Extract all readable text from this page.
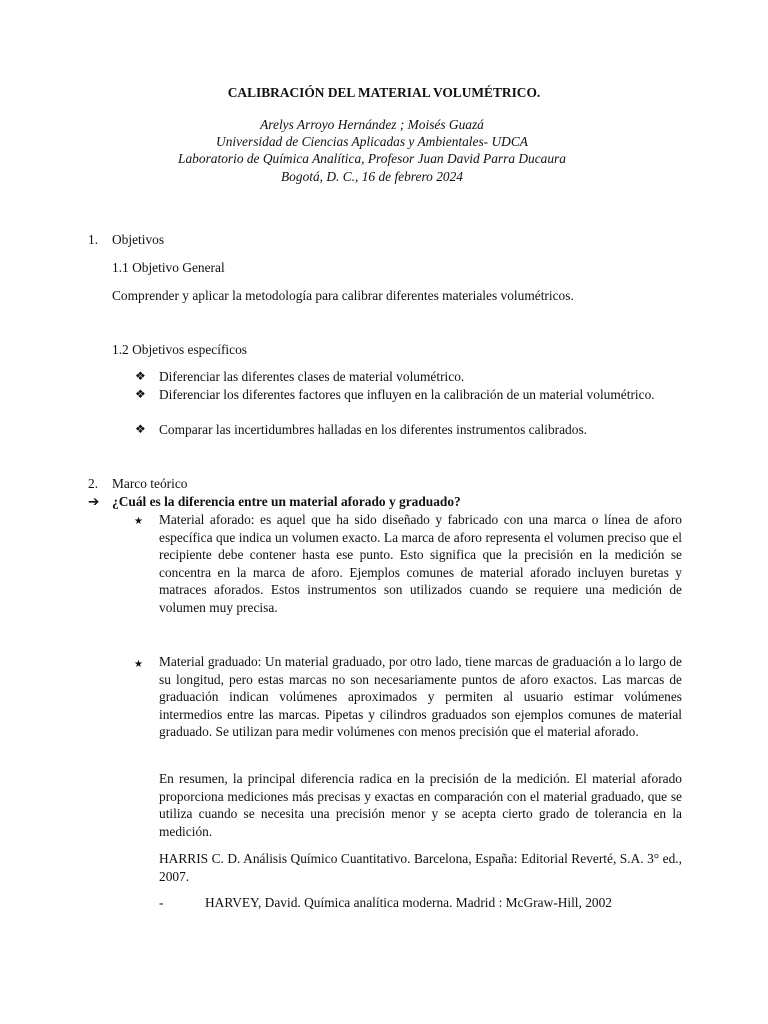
CALIBRACIÓN DEL MATERIAL VOLUMÉTRICO.
Arelys Arroyo Hernández ; Moisés Guazá
Universidad de Ciencias Aplicadas y Ambientales- UDCA
Laboratorio de Química Analítica, Profesor Juan David Parra Ducaura
Bogotá, D. C., 16 de febrero 2024
1. Objetivos
1.1 Objetivo General
Comprender y aplicar la metodología para calibrar diferentes materiales volumétricos.
1.2 Objetivos específicos
❖ Diferenciar las diferentes clases de material volumétrico.
❖ Diferenciar los diferentes factores que influyen en la calibración de un material volumétrico.
❖ Comparar las incertidumbres halladas en los diferentes instrumentos calibrados.
2. Marco teórico
➔ ¿Cuál es la diferencia entre un material aforado y graduado?
★ Material aforado: es aquel que ha sido diseñado y fabricado con una marca o línea de aforo específica que indica un volumen exacto. La marca de aforo representa el volumen preciso que el recipiente debe contener hasta ese punto. Esto significa que la precisión en la medición se concentra en la marca de aforo. Ejemplos comunes de material aforado incluyen buretas y matraces aforados. Estos instrumentos son utilizados cuando se requiere una medición de volumen muy precisa.
★ Material graduado: Un material graduado, por otro lado, tiene marcas de graduación a lo largo de su longitud, pero estas marcas no son necesariamente puntos de aforo exactos. Las marcas de graduación indican volúmenes aproximados y permiten al usuario estimar volúmenes intermedios entre las marcas. Pipetas y cilindros graduados son ejemplos comunes de material graduado. Se utilizan para medir volúmenes con menos precisión que el material aforado.
En resumen, la principal diferencia radica en la precisión de la medición. El material aforado proporciona mediciones más precisas y exactas en comparación con el material graduado, que se utiliza cuando se necesita una precisión menor y se acepta cierto grado de tolerancia en la medición.
HARRIS C. D. Análisis Químico Cuantitativo. Barcelona, España: Editorial Reverté, S.A. 3° ed., 2007.
-	HARVEY, David. Química analítica moderna. Madrid : McGraw-Hill, 2002
